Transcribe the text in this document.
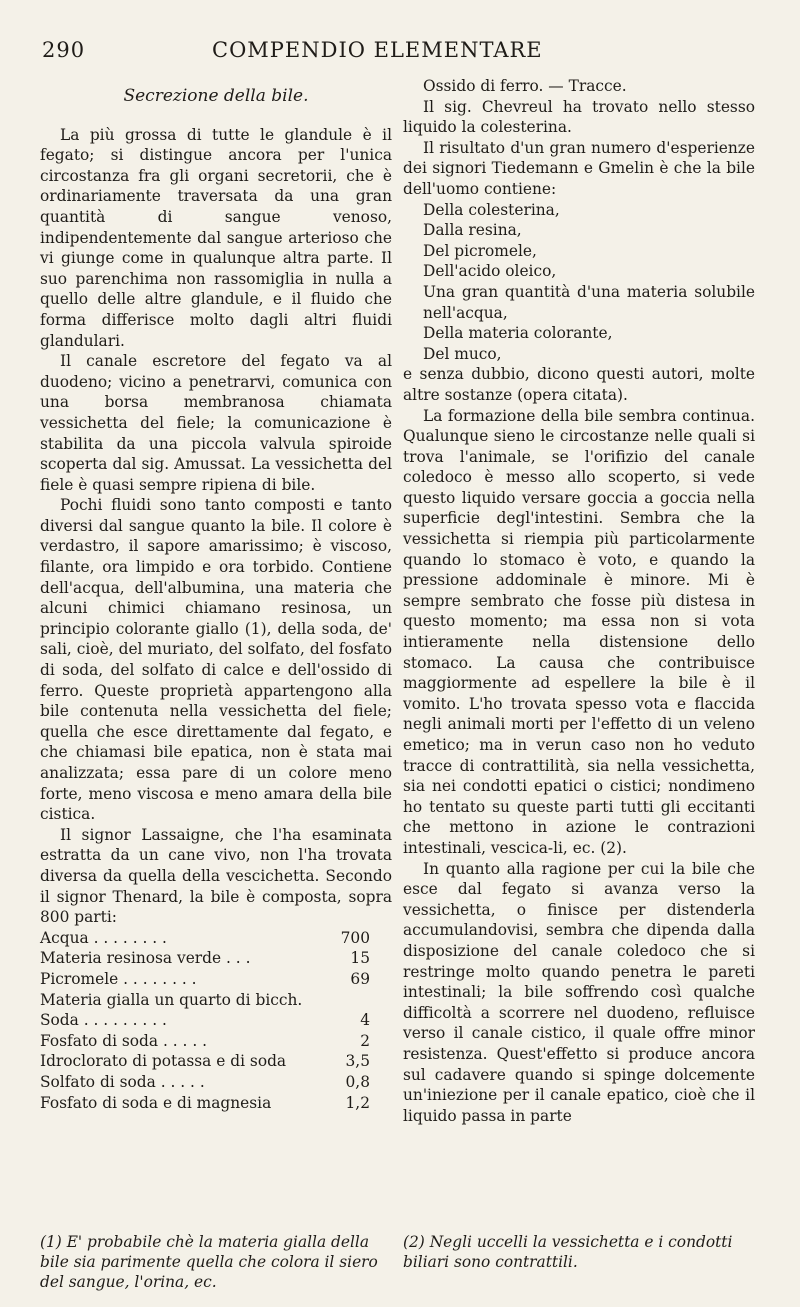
290	COMPENDIO ELEMENTARE
Secrezione della bile.

La più grossa di tutte le glandule è il fegato; si distingue ancora per l'unica circostanza fra gli organi secretorii, che è ordinariamente traversata da una gran quantità di sangue venoso, indipendentemente dal sangue arterioso che vi giunge come in qualunque altra parte. Il suo parenchima non rassomiglia in nulla a quello delle altre glandule, e il fluido che forma differisce molto dagli altri fluidi glandulari.

Il canale escretore del fegato va al duodeno; vicino a penetrarvi, comunica con una borsa membranosa chiamata vessichetta del fiele; la comunicazione è stabilita da una piccola valvula spiroide scoperta dal sig. Amussat. La vessichetta del fiele è quasi sempre ripiena di bile.

Pochi fluidi sono tanto composti e tanto diversi dal sangue quanto la bile. Il colore è verdastro, il sapore amarissimo; è viscoso, filante, ora limpido e ora torbido. Contiene dell'acqua, dell'albumina, una materia che alcuni chimici chiamano resinosa, un principio colorante giallo (1), della soda, de' sali, cioè, del muriato, del solfato, del fosfato di soda, del solfato di calce e dell'ossido di ferro. Queste proprietà appartengono alla bile contenuta nella vessichetta del fiele; quella che esce direttamente dal fegato, e che chiamasi bile epatica, non è stata mai analizzata; essa pare di un colore meno forte, meno viscosa e meno amara della bile cistica.

Il signor Lassaigne, che l'ha esaminata estratta da un cane vivo, non l'ha trovata diversa da quella della vescichetta. Secondo il signor Thenard, la bile è composta, sopra 800 parti:

Acqua . . . . . . . .	700
Materia resinosa verde . . .	15
Picromele . . . . . . . .	69
Materia gialla un quarto di bicch.	
Soda . . . . . . . . .	4
Fosfato di soda . . . . .	2
Idroclorato di potassa e di soda	3,5
Solfato di soda . . . . .	0,8
Fosfato di soda e di magnesia	1,2

Ossido di ferro. — Tracce.

Il sig. Chevreul ha trovato nello stesso liquido la colesterina.

Il risultato d'un gran numero d'esperienze dei signori Tiedemann e Gmelin è che la bile dell'uomo contiene:

Della colesterina,

Dalla resina,

Del picromele,

Dell'acido oleico,

Una gran quantità d'una materia solubile nell'acqua,

Della materia colorante,

Del muco,

e senza dubbio, dicono questi autori, molte altre sostanze (opera citata).

La formazione della bile sembra continua. Qualunque sieno le circostanze nelle quali si trova l'animale, se l'orifizio del canale coledoco è messo allo scoperto, si vede questo liquido versare goccia a goccia nella superficie degl'intestini. Sembra che la vessichetta si riempia più particolarmente quando lo stomaco è voto, e quando la pressione addominale è minore. Mi è sempre sembrato che fosse più distesa in questo momento; ma essa non si vota intieramente nella distensione dello stomaco. La causa che contribuisce maggiormente ad espellere la bile è il vomito. L'ho trovata spesso vota e flaccida negli animali morti per l'effetto di un veleno emetico; ma in verun caso non ho veduto tracce di contrattilità, sia nella vessichetta, sia nei condotti epatici o cistici; nondimeno ho tentato su queste parti tutti gli eccitanti che mettono in azione le contrazioni intestinali, vescica-li, ec. (2).

In quanto alla ragione per cui la bile che esce dal fegato si avanza verso la vessichetta, o finisce per distenderla accumulandovisi, sembra che dipenda dalla disposizione del canale coledoco che si restringe molto quando penetra le pareti intestinali; la bile soffrendo così qualche difficoltà a scorrere nel duodeno, refluisce verso il canale cistico, il quale offre minor resistenza. Quest'effetto si produce ancora sul cadavere quando si spinge dolcemente un'iniezione per il canale epatico, cioè che il liquido passa in parte

(1) E' probabile chè la materia gialla della bile sia parimente quella che colora il siero del sangue, l'orina, ec.

(2) Negli uccelli la vessichetta e i condotti biliari sono contrattili.
